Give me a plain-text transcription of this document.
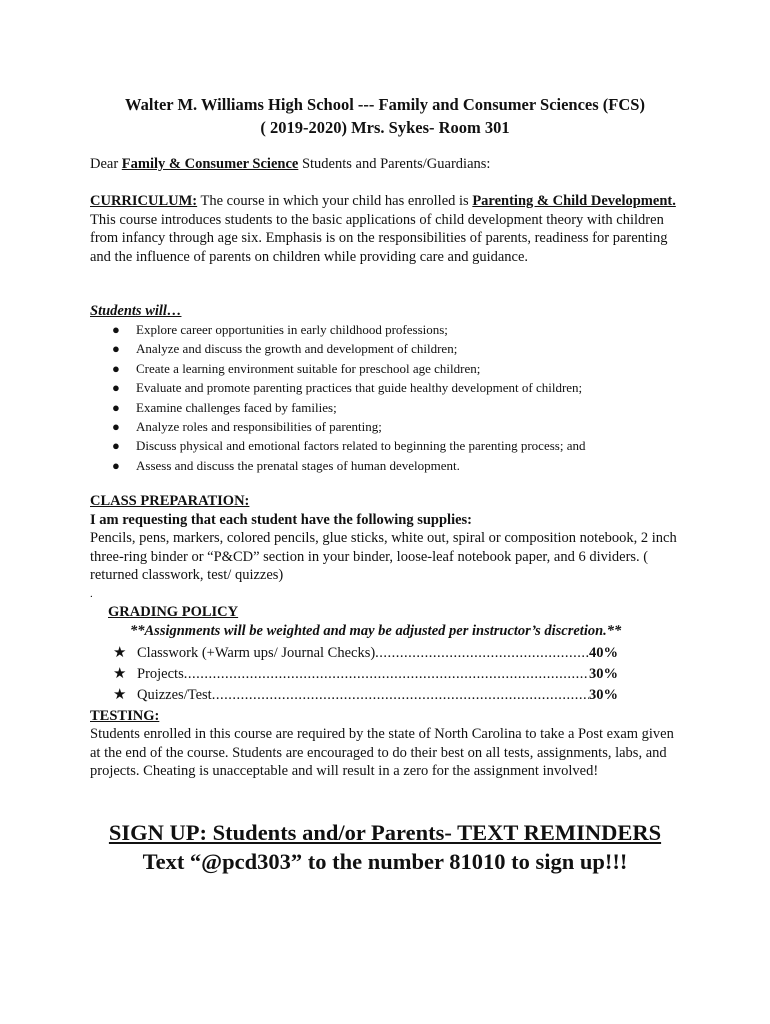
Walter M. Williams High School --- Family and Consumer Sciences (FCS)
( 2019-2020) Mrs. Sykes- Room 301
Dear Family & Consumer Science Students and Parents/Guardians:
CURRICULUM: The course in which your child has enrolled is Parenting & Child Development. This course introduces students to the basic applications of child development theory with children from infancy through age six. Emphasis is on the responsibilities of parents, readiness for parenting and the influence of parents on children while providing care and guidance.
Students will…
● Explore career opportunities in early childhood professions;
● Analyze and discuss the growth and development of children;
● Create a learning environment suitable for preschool age children;
● Evaluate and promote parenting practices that guide healthy development of children;
● Examine challenges faced by families;
● Analyze roles and responsibilities of parenting;
● Discuss physical and emotional factors related to beginning the parenting process; and
● Assess and discuss the prenatal stages of human development.
CLASS PREPARATION:
I am requesting that each student have the following supplies:
Pencils, pens, markers, colored pencils, glue sticks, white out, spiral or composition notebook, 2 inch three-ring binder or “P&CD” section in your binder, loose-leaf notebook paper, and 6 dividers. ( returned classwork, test/ quizzes)
.
GRADING POLICY
**Assignments will be weighted and may be adjusted per instructor’s discretion.**
★ Classwork (+Warm ups/ Journal Checks) .....	40%
★ Projects .....	30%
★ Quizzes/Test .....	30%
TESTING:
Students enrolled in this course are required by the state of North Carolina to take a Post exam given at the end of the course. Students are encouraged to do their best on all tests, assignments, labs, and projects. Cheating is unacceptable and will result in a zero for the assignment involved!
SIGN UP: Students and/or Parents- TEXT REMINDERS
Text “@pcd303” to the number 81010 to sign up!!!
